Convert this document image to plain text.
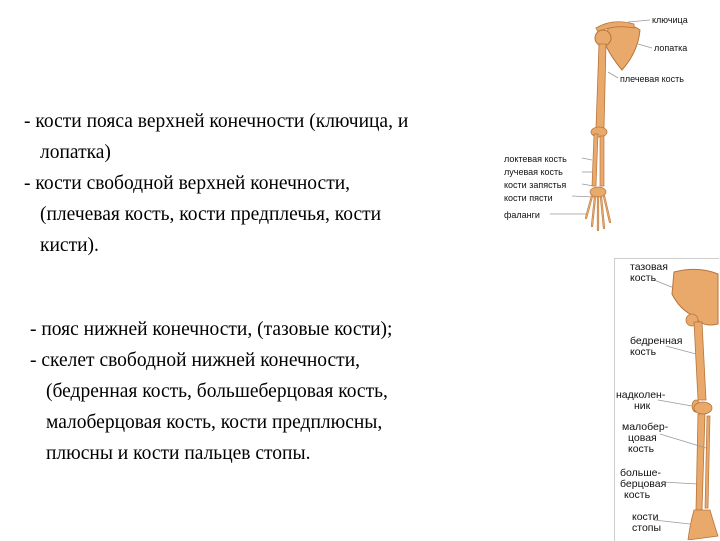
- кости пояса верхней конечности (ключица, и
лопатка)
- кости свободной верхней конечности,
(плечевая кость, кости предплечья, кости
кисти).
- пояс нижней конечности, (тазовые кости);
- скелет свободной нижней конечности,
(бедренная кость, большеберцовая кость,
малоберцовая кость, кости предплюсны,
плюсны и кости пальцев стопы.
ключица
лопатка
плечевая кость
локтевая кость
лучевая кость
кости запястья
кости пясти
фаланги
тазовая
кость
бедренная
кость
надколен-
ник
малобер-
цовая
кость
больше-
берцовая
кость
кости
стопы
